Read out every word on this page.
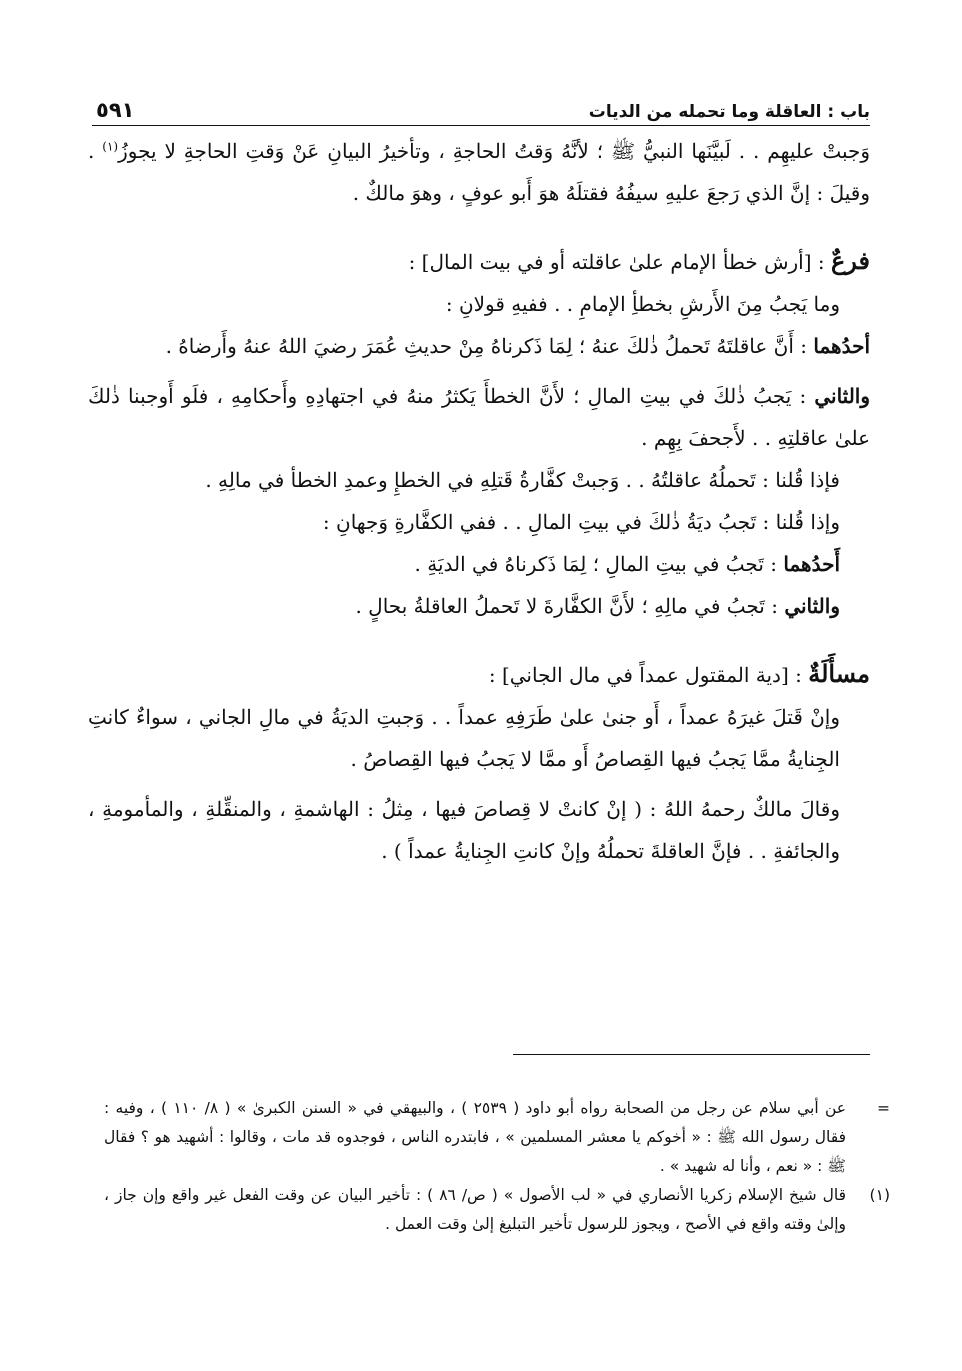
باب : العاقلة وما تحمله من الديات
٥٩١

وَجبتْ عليهِم . . لَبيَّنَها النبيُّ ﷺ ؛ لأنَّهُ وَقتُ الحاجةِ ، وتأخيرُ البيانِ عَنْ وَقتِ الحاجةِ لا يجوزُ$^{(١)}$ . وقيلَ : إنَّ الذي رَجعَ عليهِ سيفُهُ فقتلَهُ هوَ أَبو عوفٍ ، وهوَ مالكٌ .

فرعٌ : [أرش خطأ الإمام علىٰ عاقلته أو في بيت المال] :

وما يَجبُ مِنَ الأَرشِ بخطأِ الإمامِ . . ففيهِ قولانِ :

أحدُهما : أَنَّ عاقلتَهُ تَحملُ ذٰلكَ عنهُ ؛ لِمَا ذَكرناهُ مِنْ حديثِ عُمَرَ رضيَ اللهُ عنهُ وأَرضاهُ .

والثاني : يَجبُ ذٰلكَ في بيتِ المالِ ؛ لأَنَّ الخطأَ يَكثرُ منهُ في اجتهادِهِ وأَحكامِهِ ، فلَو أَوجبنا ذٰلكَ علىٰ عاقلتِهِ . . لأَجحفَ بِهِم .

فإذا قُلنا : تَحملُهُ عاقلتُهُ . . وَجبتْ كفَّارةُ قَتلِهِ في الخطإِ وعمدِ الخطأ في مالِهِ .

وإذا قُلنا : تَجبُ ديَةُ ذٰلكَ في بيتِ المالِ . . ففي الكفَّارةِ وَجهانِ :

أَحدُهما : تَجبُ في بيتِ المالِ ؛ لِمَا ذَكرناهُ في الديَةِ .

والثاني : تَجبُ في مالِهِ ؛ لأَنَّ الكفَّارةَ لا تَحملُ العاقلةُ بحالٍ .

مسأَلَةٌ : [دية المقتول عمداً في مال الجاني] :

وإنْ قَتلَ غيرَهُ عمداً ، أَو جنىٰ علىٰ طَرَفِهِ عمداً . . وَجبتِ الديَةُ في مالِ الجاني ، سواءٌ كانتِ الجِنايةُ ممَّا يَجبُ فيها القِصاصُ أَو ممَّا لا يَجبُ فيها القِصاصُ .

وقالَ مالكٌ رحمهُ اللهُ : ( إنْ كانتْ لا قِصاصَ فيها ، مِثلُ : الهاشمةِ ، والمنقِّلةِ ، والمأمومةِ ، والجائفةِ . . فإنَّ العاقلةَ تحملُهُ وإنْ كانتِ الجِنايةُ عمداً ) .

=
عن أبي سلام عن رجل من الصحابة رواه أبو داود ( ٢٥٣٩ ) ، والبيهقي في « السنن الكبرىٰ » ( ٨/ ١١٠ ) ، وفيه : فقال رسول الله ﷺ : « أخوكم يا معشر المسلمين » ، فابتدره الناس ، فوجدوه قد مات ، وقالوا : أشهيد هو ؟ فقال ﷺ : « نعم ، وأنا له شهيد » .
(١)
قال شيخ الإسلام زكريا الأنصاري في « لب الأصول » ( ص/ ٨٦ ) : تأخير البيان عن وقت الفعل غير واقع وإن جاز ، وإلىٰ وقته واقع في الأصح ، ويجوز للرسول تأخير التبليغ إلىٰ وقت العمل .
